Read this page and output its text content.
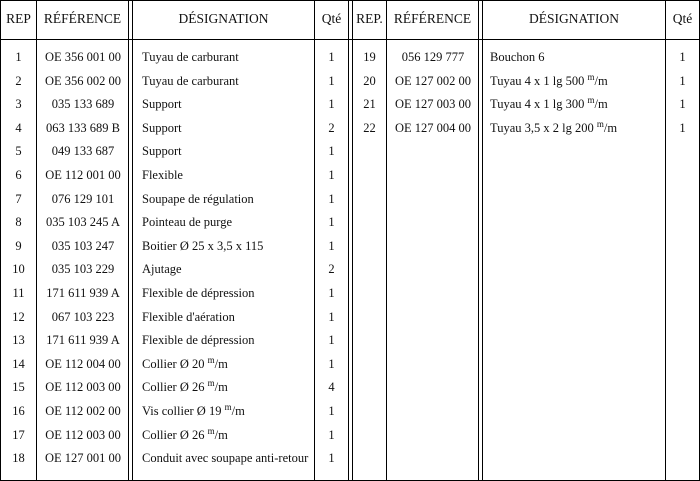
REP RÉFÉRENCE	DÉSIGNATION	Qté	REP. RÉFÉRENCE	DÉSIGNATION	Qté
1	OE 356 001 00	Tuyau de carburant	1
2	OE 356 002 00	Tuyau de carburant	1
3	035 133 689	Support	1
4	063 133 689 B	Support	2
5	049 133 687	Support	1
6	OE 112 001 00	Flexible	1
7	076 129 101	Soupape de régulation	1
8	035 103 245 A	Pointeau de purge	1
9	035 103 247	Boitier Ø 25 x 3,5 x 115	1
10	035 103 229	Ajutage	2
11	171 611 939 A	Flexible de dépression	1
12	067 103 223	Flexible d'aération	1
13	171 611 939 A	Flexible de dépression	1
14	OE 112 004 00	Collier Ø 20 $^m$/m	1
15	OE 112 003 00	Collier Ø 26 $^m$/m	4
16	OE 112 002 00	Vis collier Ø 19 $^m$/m	1
17	OE 112 003 00	Collier Ø 26 $^m$/m	1
18	OE 127 001 00	Conduit avec soupape anti-retour	1
19	056 129 777	Bouchon 6	1
20	OE 127 002 00	Tuyau 4 x 1 lg 500 $^m$/m	1
21	OE 127 003 00	Tuyau 4 x 1 lg 300 $^m$/m	1
22	OE 127 004 00	Tuyau 3,5 x 2 lg 200 $^m$/m	1
